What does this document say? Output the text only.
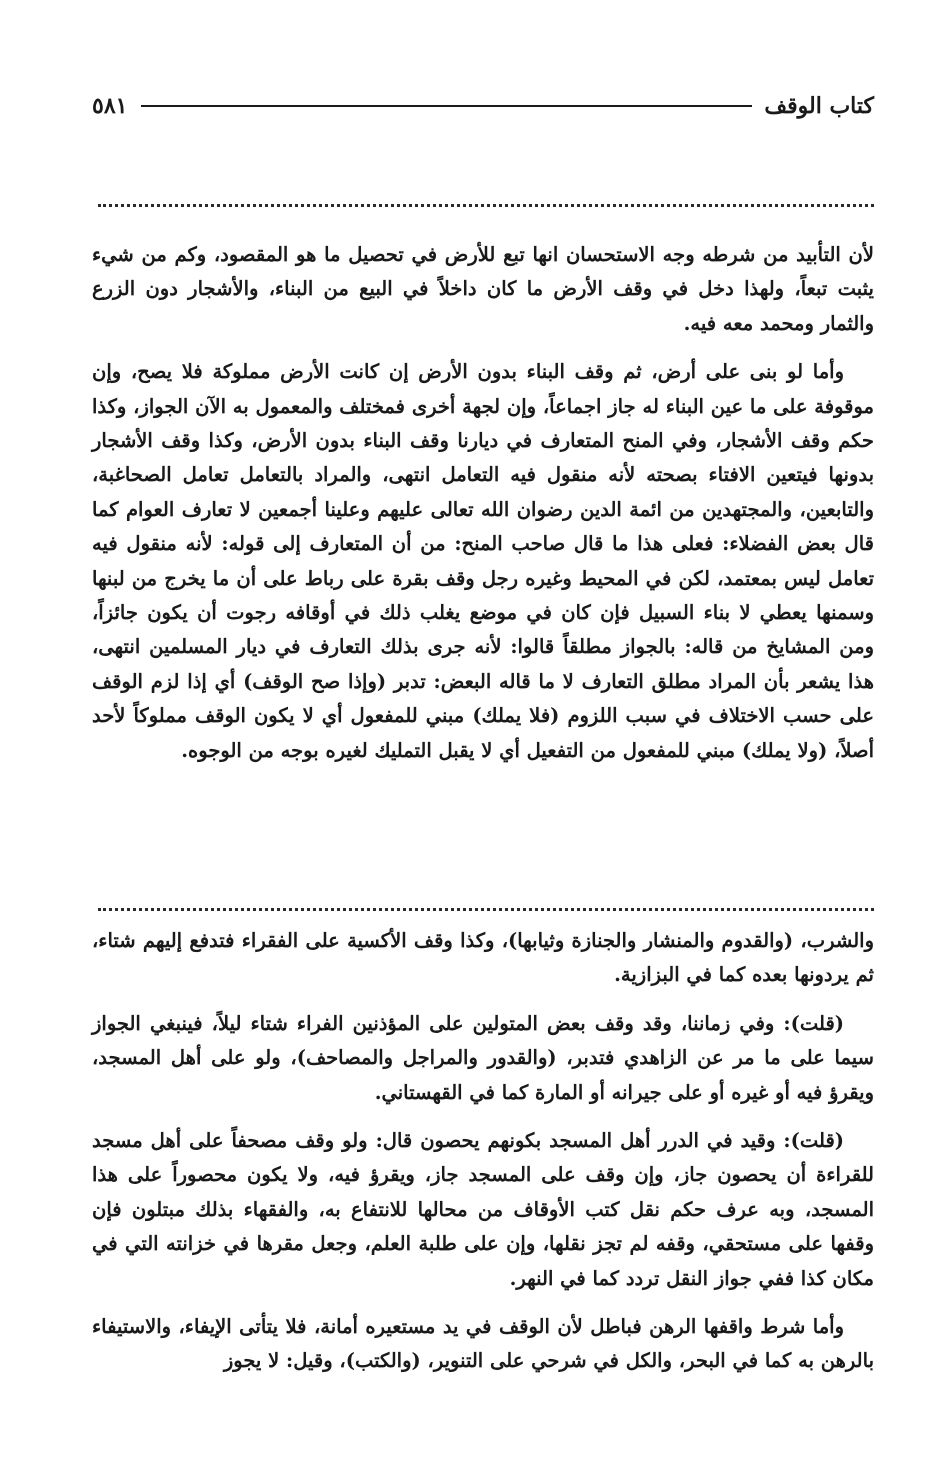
كتاب الوقف
٥٨١

لأن التأبيد من شرطه وجه الاستحسان انها تبع للأرض في تحصيل ما هو المقصود، وكم من شيء يثبت تبعاً، ولهذا دخل في وقف الأرض ما كان داخلاً في البيع من البناء، والأشجار دون الزرع والثمار ومحمد معه فيه.

وأما لو بنى على أرض، ثم وقف البناء بدون الأرض إن كانت الأرض مملوكة فلا يصح، وإن موقوفة على ما عين البناء له جاز اجماعاً، وإن لجهة أخرى فمختلف والمعمول به الآن الجواز، وكذا حكم وقف الأشجار، وفي المنح المتعارف في ديارنا وقف البناء بدون الأرض، وكذا وقف الأشجار بدونها فيتعين الافتاء بصحته لأنه منقول فيه التعامل انتهى، والمراد بالتعامل تعامل الصحاغبة، والتابعين، والمجتهدين من ائمة الدين رضوان الله تعالى عليهم وعلينا أجمعين لا تعارف العوام كما قال بعض الفضلاء: فعلى هذا ما قال صاحب المنح: من أن المتعارف إلى قوله: لأنه منقول فيه تعامل ليس بمعتمد، لكن في المحيط وغيره رجل وقف بقرة على رباط على أن ما يخرج من لبنها وسمنها يعطي لا بناء السبيل فإن كان في موضع يغلب ذلك في أوقافه رجوت أن يكون جائزاً، ومن المشايخ من قاله: بالجواز مطلقاً قالوا: لأنه جرى بذلك التعارف في ديار المسلمين انتهى، هذا يشعر بأن المراد مطلق التعارف لا ما قاله البعض: تدبر (وإذا صح الوقف) أي إذا لزم الوقف على حسب الاختلاف في سبب اللزوم (فلا يملك) مبني للمفعول أي لا يكون الوقف مملوكاً لأحد أصلاً، (ولا يملك) مبني للمفعول من التفعيل أي لا يقبل التمليك لغيره بوجه من الوجوه.

والشرب، (والقدوم والمنشار والجنازة وثيابها)، وكذا وقف الأكسية على الفقراء فتدفع إليهم شتاء، ثم يردونها بعده كما في البزازية.

(قلت): وفي زماننا، وقد وقف بعض المتولين على المؤذنين الفراء شتاء ليلاً، فينبغي الجواز سيما على ما مر عن الزاهدي فتدبر، (والقدور والمراجل والمصاحف)، ولو على أهل المسجد، ويقرؤ فيه أو غيره أو على جيرانه أو المارة كما في القهستاني.

(قلت): وقيد في الدرر أهل المسجد بكونهم يحصون قال: ولو وقف مصحفاً على أهل مسجد للقراءة أن يحصون جاز، وإن وقف على المسجد جاز، ويقرؤ فيه، ولا يكون محصوراً على هذا المسجد، وبه عرف حكم نقل كتب الأوقاف من محالها للانتفاع به، والفقهاء بذلك مبتلون فإن وقفها على مستحقي، وقفه لم تجز نقلها، وإن على طلبة العلم، وجعل مقرها في خزانته التي في مكان كذا ففي جواز النقل تردد كما في النهر.

وأما شرط واقفها الرهن فباطل لأن الوقف في يد مستعيره أمانة، فلا يتأتى الإيفاء، والاستيفاء بالرهن به كما في البحر، والكل في شرحي على التنوير، (والكتب)، وقيل: لا يجوز
